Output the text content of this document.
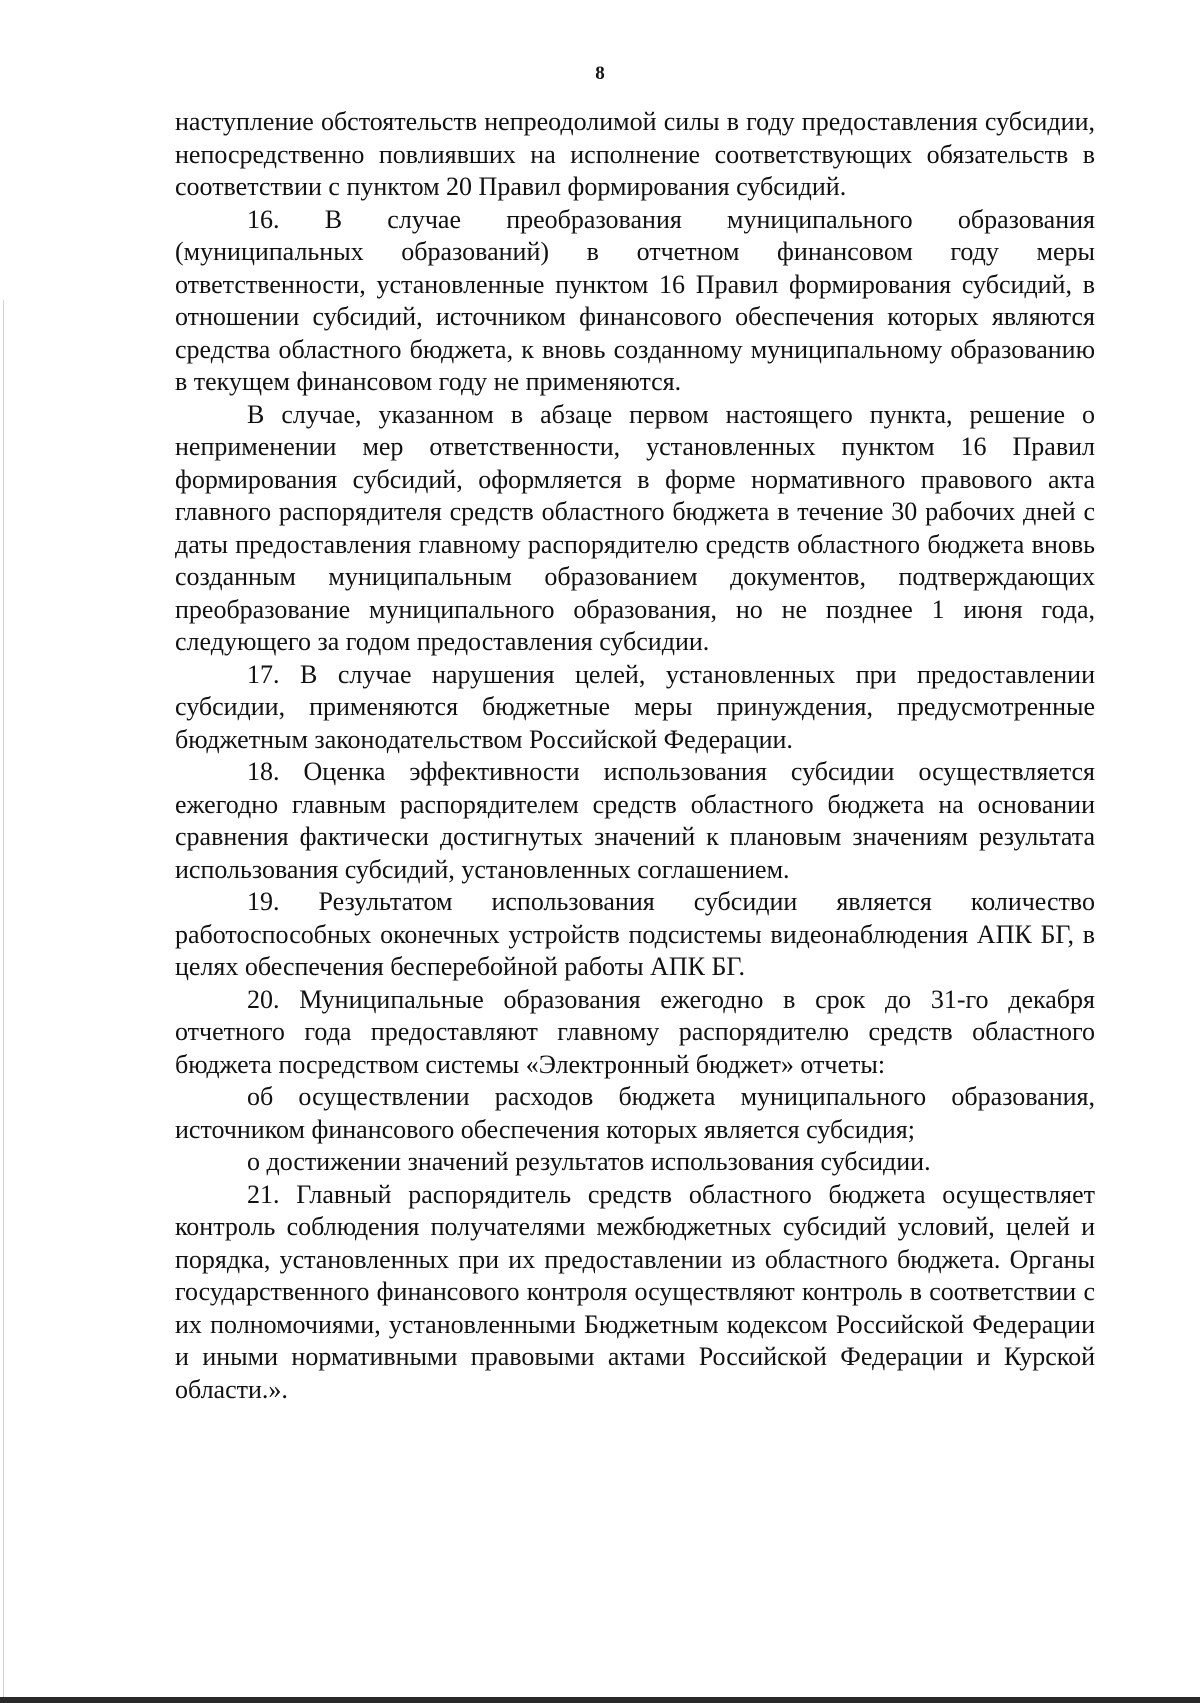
8

наступление обстоятельств непреодолимой силы в году предоставления субсидии, непосредственно повлиявших на исполнение соответствующих обязательств в соответствии с пунктом 20 Правил формирования субсидий.

16. В случае преобразования муниципального образования (муниципальных образований) в отчетном финансовом году меры ответственности, установленные пунктом 16 Правил формирования субсидий, в отношении субсидий, источником финансового обеспечения которых являются средства областного бюджета, к вновь созданному муниципальному образованию в текущем финансовом году не применяются.

В случае, указанном в абзаце первом настоящего пункта, решение о неприменении мер ответственности, установленных пунктом 16 Правил формирования субсидий, оформляется в форме нормативного правового акта главного распорядителя средств областного бюджета в течение 30 рабочих дней с даты предоставления главному распорядителю средств областного бюджета вновь созданным муниципальным образованием документов, подтверждающих преобразование муниципального образования, но не позднее 1 июня года, следующего за годом предоставления субсидии.

17. В случае нарушения целей, установленных при предоставлении субсидии, применяются бюджетные меры принуждения, предусмотренные бюджетным законодательством Российской Федерации.

18. Оценка эффективности использования субсидии осуществляется ежегодно главным распорядителем средств областного бюджета на основании сравнения фактически достигнутых значений к плановым значениям результата использования субсидий, установленных соглашением.

19. Результатом использования субсидии является количество работоспособных оконечных устройств подсистемы видеонаблюдения АПК БГ, в целях обеспечения бесперебойной работы АПК БГ.

20. Муниципальные образования ежегодно в срок до 31-го декабря отчетного года предоставляют главному распорядителю средств областного бюджета посредством системы «Электронный бюджет» отчеты:

об осуществлении расходов бюджета муниципального образования, источником финансового обеспечения которых является субсидия;

о достижении значений результатов использования субсидии.

21. Главный распорядитель средств областного бюджета осуществляет контроль соблюдения получателями межбюджетных субсидий условий, целей и порядка, установленных при их предоставлении из областного бюджета. Органы государственного финансового контроля осуществляют контроль в соответствии с их полномочиями, установленными Бюджетным кодексом Российской Федерации и иными нормативными правовыми актами Российской Федерации и Курской области.».
